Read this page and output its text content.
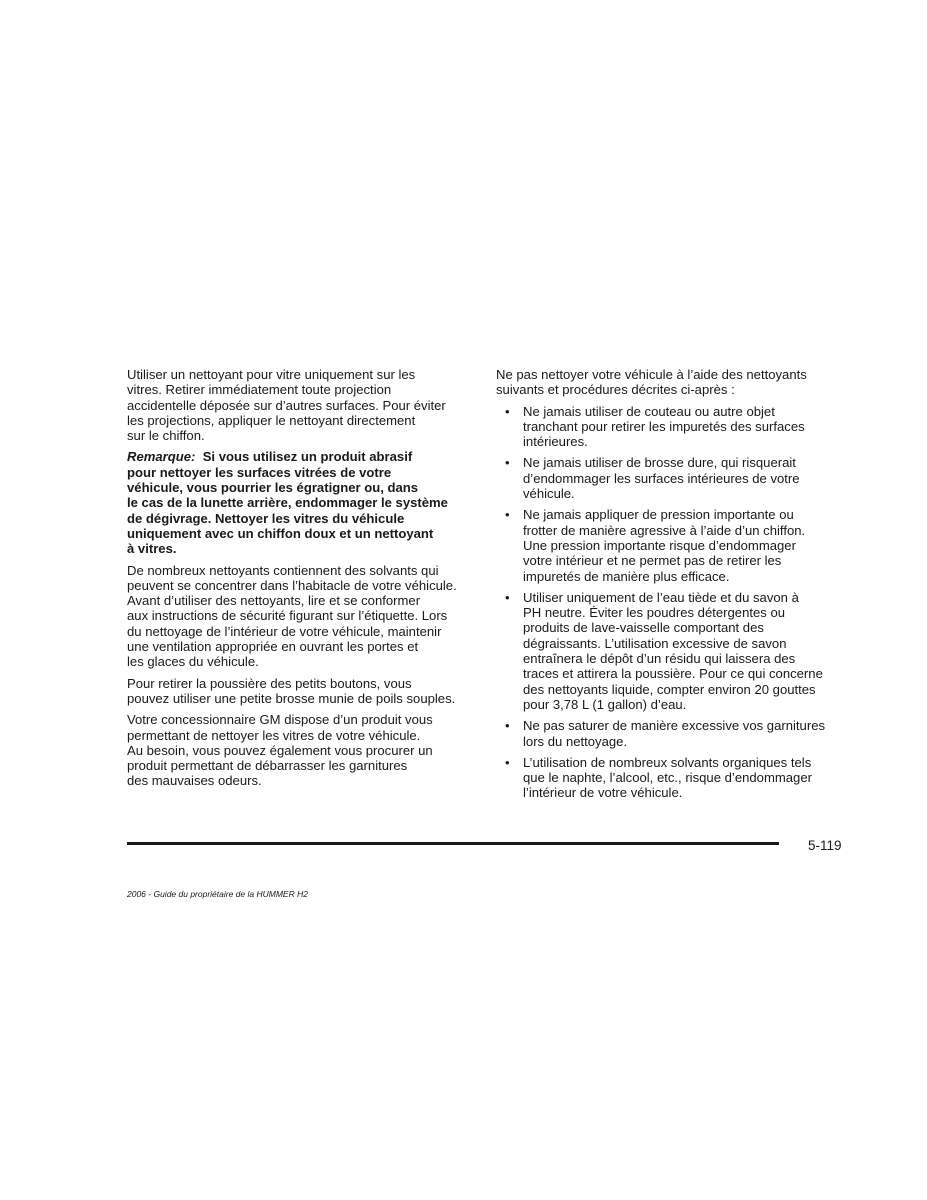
Utiliser un nettoyant pour vitre uniquement sur les
vitres. Retirer immédiatement toute projection
accidentelle déposée sur d’autres surfaces. Pour éviter
les projections, appliquer le nettoyant directement
sur le chiffon.

Remarque: Si vous utilisez un produit abrasif
pour nettoyer les surfaces vitrées de votre
véhicule, vous pourrier les égratigner ou, dans
le cas de la lunette arrière, endommager le système
de dégivrage. Nettoyer les vitres du véhicule
uniquement avec un chiffon doux et un nettoyant
à vitres.

De nombreux nettoyants contiennent des solvants qui
peuvent se concentrer dans l’habitacle de votre véhicule.
Avant d’utiliser des nettoyants, lire et se conformer
aux instructions de sécurité figurant sur l’étiquette. Lors
du nettoyage de l’intérieur de votre véhicule, maintenir
une ventilation appropriée en ouvrant les portes et
les glaces du véhicule.

Pour retirer la poussière des petits boutons, vous
pouvez utiliser une petite brosse munie de poils souples.

Votre concessionnaire GM dispose d’un produit vous
permettant de nettoyer les vitres de votre véhicule.
Au besoin, vous pouvez également vous procurer un
produit permettant de débarrasser les garnitures
des mauvaises odeurs.

Ne pas nettoyer votre véhicule à l’aide des nettoyants
suivants et procédures décrites ci-après :

• Ne jamais utiliser de couteau ou autre objet
tranchant pour retirer les impuretés des surfaces
intérieures.
• Ne jamais utiliser de brosse dure, qui risquerait
d’endommager les surfaces intérieures de votre
véhicule.
• Ne jamais appliquer de pression importante ou
frotter de manière agressive à l’aide d’un chiffon.
Une pression importante risque d’endommager
votre intérieur et ne permet pas de retirer les
impuretés de manière plus efficace.
• Utiliser uniquement de l’eau tiède et du savon à
PH neutre. Éviter les poudres détergentes ou
produits de lave-vaisselle comportant des
dégraissants. L’utilisation excessive de savon
entraînera le dépôt d’un résidu qui laissera des
traces et attirera la poussière. Pour ce qui concerne
des nettoyants liquide, compter environ 20 gouttes
pour 3,78 L (1 gallon) d’eau.
• Ne pas saturer de manière excessive vos garnitures
lors du nettoyage.
• L’utilisation de nombreux solvants organiques tels
que le naphte, l’alcool, etc., risque d’endommager
l’intérieur de votre véhicule.
5-119
2006 - Guide du propriétaire de la HUMMER H2
